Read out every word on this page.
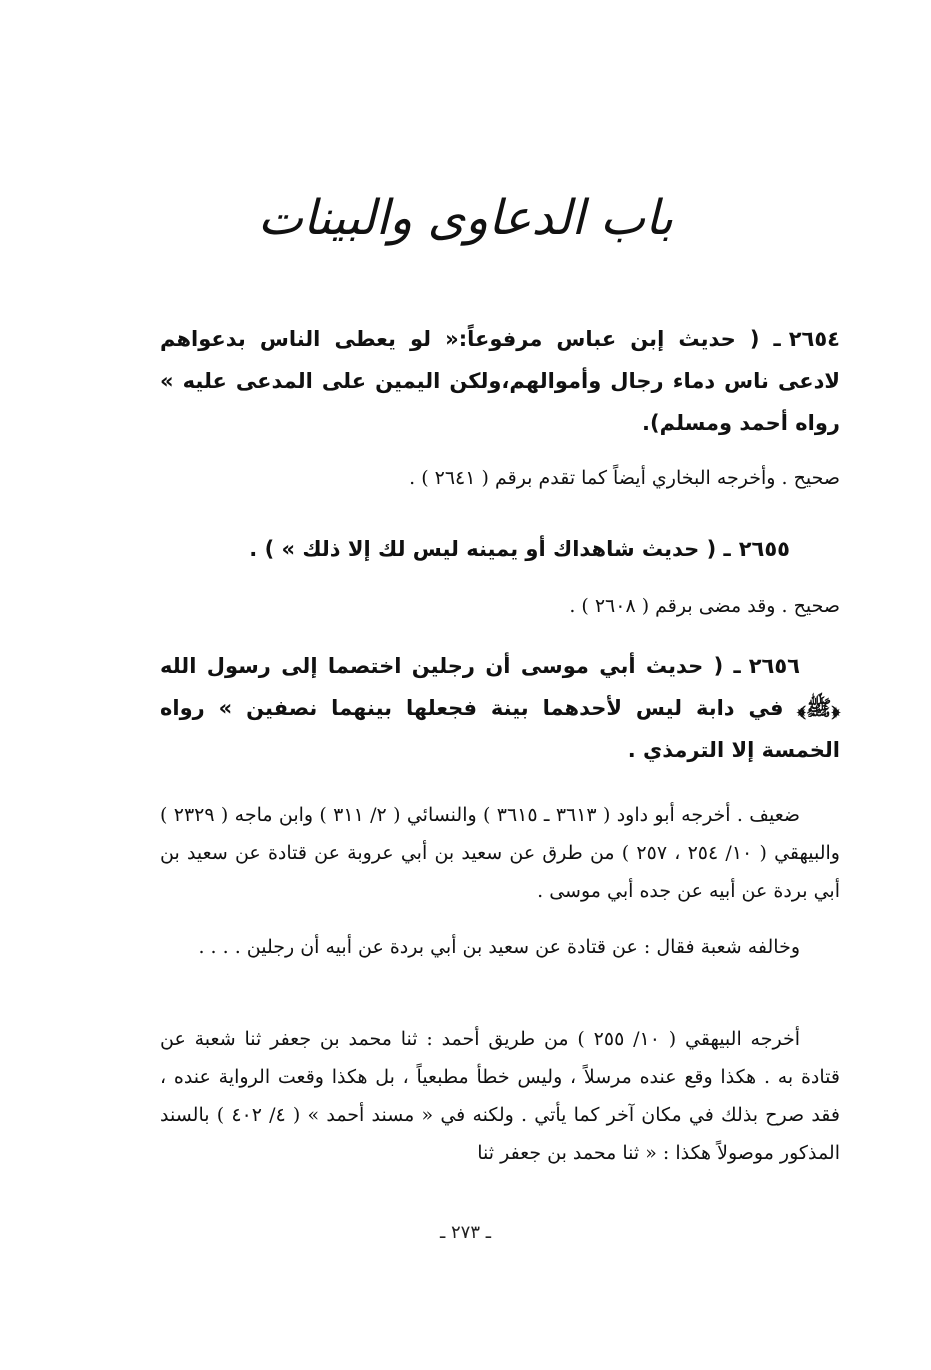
باب الدعاوى والبينات
٢٦٥٤ـ ( حديث إبن عباس مرفوعاً:« لو يعطى الناس بدعواهم لادعى ناس دماء رجال وأموالهم،ولكن اليمين على المدعى عليه » رواه أحمد ومسلم).
صحيح . وأخرجه البخاري أيضاً كما تقدم برقم ( ٢٦٤١ ) .
٢٦٥٥ـ ( حديث شاهداك أو يمينه ليس لك إلا ذلك » ) .
صحيح . وقد مضى برقم ( ٢٦٠٨ ) .
٢٦٥٦ـ ( حديث أبي موسى أن رجلين اختصما إلى رسول الله ﴿ﷺ﴾ في دابة ليس لأحدهما بينة فجعلها بينهما نصفين » رواه الخمسة إلا الترمذي .
ضعيف . أخرجه أبو داود ( ٣٦١٣ ـ ٣٦١٥ ) والنسائي ( ٢/ ٣١١ ) وابن ماجه ( ٢٣٢٩ ) والبيهقي ( ١٠/ ٢٥٤ ، ٢٥٧ ) من طرق عن سعيد بن أبي عروبة عن قتادة عن سعيد بن أبي بردة عن أبيه عن جده أبي موسى .
وخالفه شعبة فقال : عن قتادة عن سعيد بن أبي بردة عن أبيه أن رجلين . . . .
أخرجه البيهقي ( ١٠/ ٢٥٥ ) من طريق أحمد : ثنا محمد بن جعفر ثنا شعبة عن قتادة به . هكذا وقع عنده مرسلاً ، وليس خطأ مطبعياً ، بل هكذا وقعت الرواية عنده ، فقد صرح بذلك في مكان آخر كما يأتي . ولكنه في « مسند أحمد » ( ٤/ ٤٠٢ ) بالسند المذكور موصولاً هكذا : « ثنا محمد بن جعفر ثنا
ـ ٢٧٣ ـ
